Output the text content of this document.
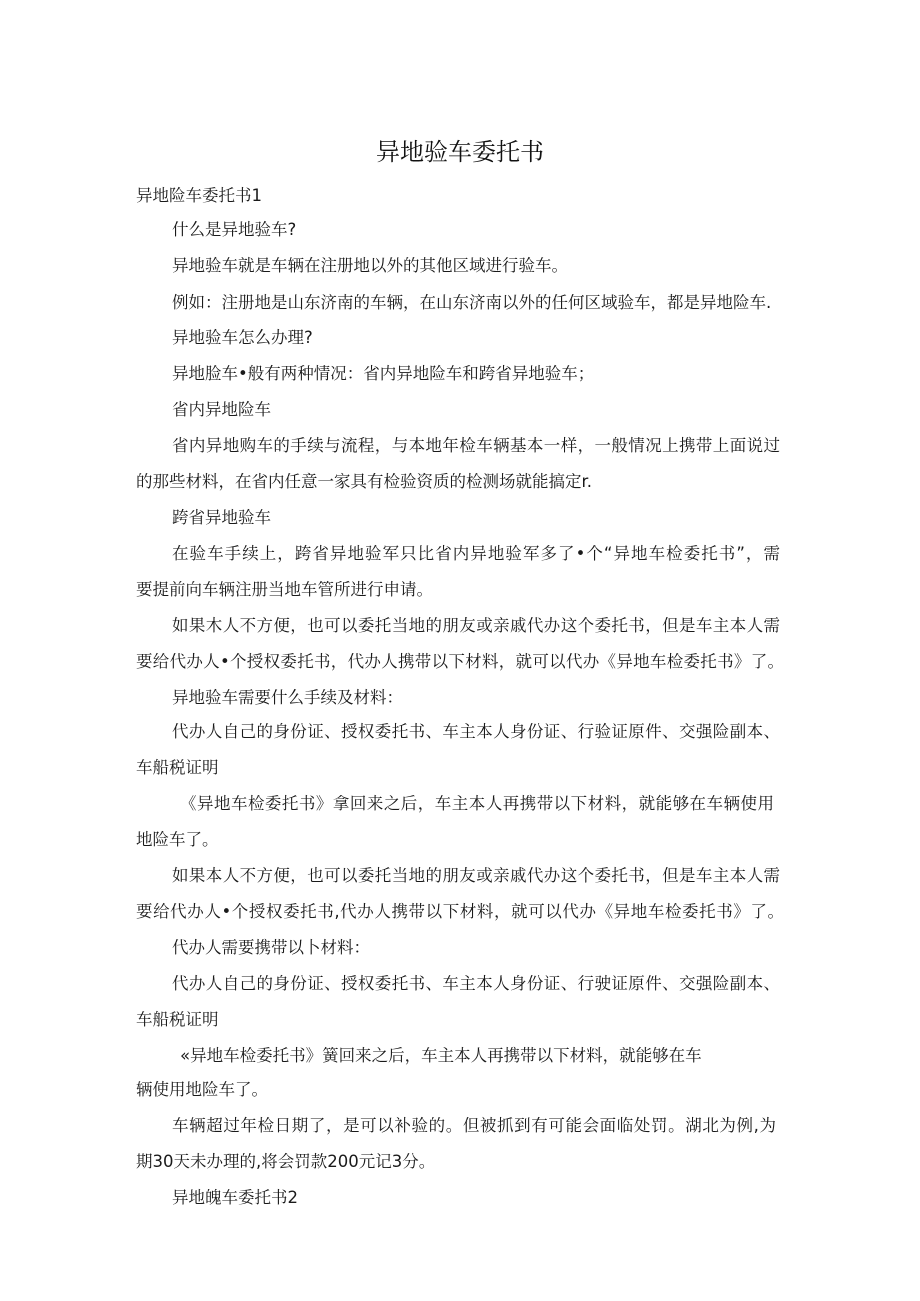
异地验车委托书
异地险车委托书1
什么是异地验车?
异地验车就是车辆在注册地以外的其他区域进行验车。
例如：注册地是山东济南的车辆，在山东济南以外的任何区域验车，都是异地险车.
异地验车怎么办理?
异地脸车•般有两种情况：省内异地险车和跨省异地验车；
省内异地险车
省内异地购车的手续与流程，与本地年检车辆基本一样，一般情况上携带上面说过
的那些材料，在省内任意一家具有检验资质的检测场就能搞定r.
跨省异地验车
在验车手续上，跨省异地验军只比省内异地验军多了•个“异地车检委托书”，需
要提前向车辆注册当地车管所进行申请。
如果木人不方便，也可以委托当地的朋友或亲戚代办这个委托书，但是车主本人需
要给代办人•个授权委托书，代办人携带以下材料，就可以代办《异地车检委托书》了。
异地验车需要什么手续及材料：
代办人自己的身份证、授权委托书、车主本人身份证、行验证原件、交强险副本、
车船税证明
《异地车检委托书》拿回来之后，车主本人再携带以下材料，就能够在车辆使用
地险车了。
如果本人不方便，也可以委托当地的朋友或亲戚代办这个委托书，但是车主本人需
要给代办人•个授权委托书,代办人携带以下材料，就可以代办《异地车检委托书》了。
代办人需要携带以卜材料：
代办人自己的身份证、授权委托书、车主本人身份证、行驶证原件、交强险副本、
车船税证明
«异地车检委托书》簧回来之后，车主本人再携带以下材料，就能够在车
辆使用地险车了。
车辆超过年检日期了，是可以补验的。但被抓到有可能会面临处罚。湖北为例,为
期30天未办理的,将会罚款200元记3分。
异地魄车委托书2
